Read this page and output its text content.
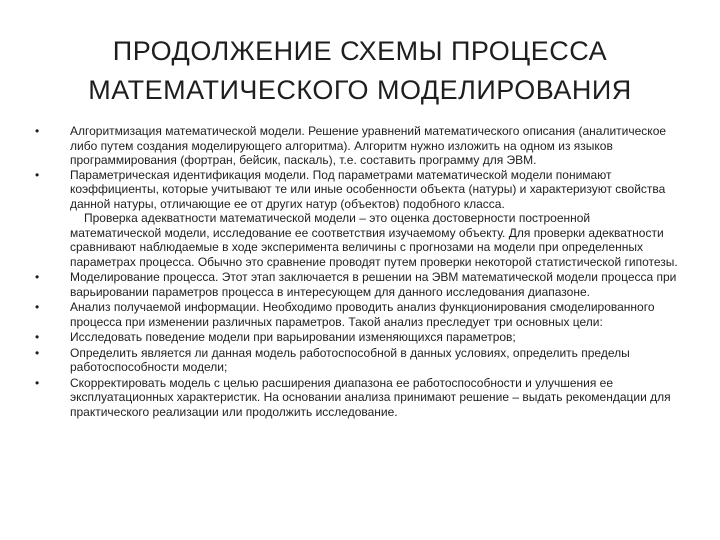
ПРОДОЛЖЕНИЕ СХЕМЫ ПРОЦЕССА
МАТЕМАТИЧЕСКОГО МОДЕЛИРОВАНИЯ
• Алгоритмизация математической модели. Решение уравнений математического описания (аналитическое либо путем создания моделирующего алгоритма). Алгоритм нужно изложить на одном из языков программирования (фортран, бейсик, паскаль), т.е. составить программу для ЭВМ.
• Параметрическая идентификация модели. Под параметрами математической модели понимают коэффициенты, которые учитывают те или иные особенности объекта (натуры) и характеризуют свойства данной натуры, отличающие ее от других натур (объектов) подобного класса.
Проверка адекватности математической модели – это оценка достоверности построенной математической модели, исследование ее соответствия изучаемому объекту. Для проверки адекватности сравнивают наблюдаемые в ходе эксперимента величины с прогнозами на модели при определенных параметрах процесса. Обычно это сравнение проводят путем проверки некоторой статистической гипотезы.
• Моделирование процесса. Этот этап заключается в решении на ЭВМ математической модели процесса при варьировании параметров процесса в интересующем для данного исследования диапазоне.
• Анализ получаемой информации. Необходимо проводить анализ функционирования смоделированного процесса при изменении различных параметров. Такой анализ преследует три основных цели:
• Исследовать поведение модели при варьировании изменяющихся параметров;
• Определить является ли данная модель работоспособной в данных условиях, определить пределы работоспособности модели;
• Скорректировать модель с целью расширения диапазона ее работоспособности и улучшения ее эксплуатационных характеристик. На основании анализа принимают решение – выдать рекомендации для практического реализации или продолжить исследование.
